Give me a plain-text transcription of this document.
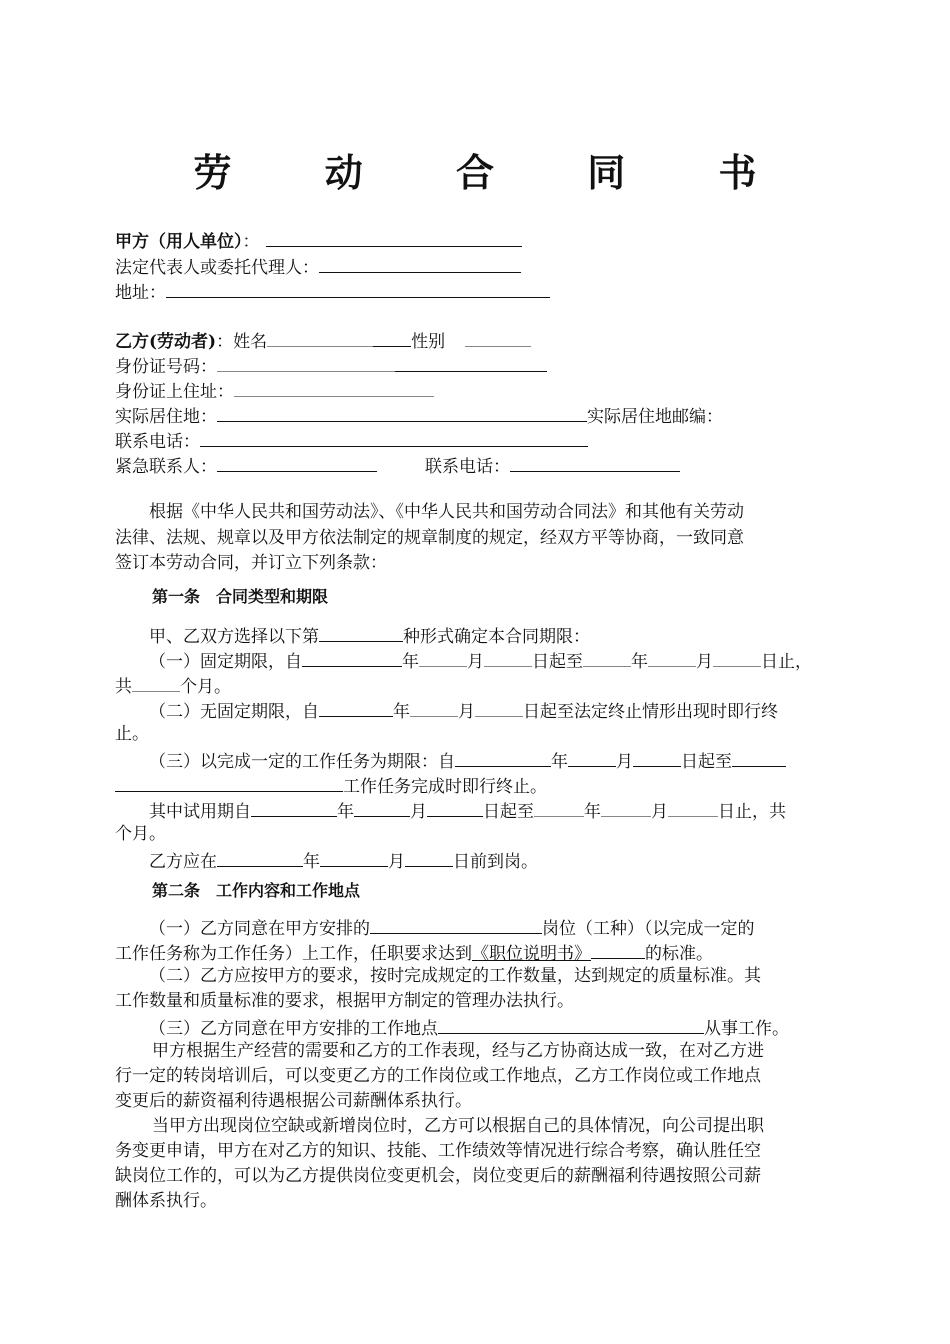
劳 动 合 同 书
甲方（用人单位）：
法定代表人或委托代理人：
地址：
乙方(劳动者)：姓名	性别
身份证号码：
身份证上住址：
实际居住地：	实际居住地邮编：
联系电话：
紧急联系人：	联系电话：
根据《中华人民共和国劳动法》、《中华人民共和国劳动合同法》和其他有关劳动
法律、法规、规章以及甲方依法制定的规章制度的规定，经双方平等协商，一致同意
签订本劳动合同，并订立下列条款：
第一条　合同类型和期限
甲、乙双方选择以下第	种形式确定本合同期限：
（一）固定期限，自	年	月	日起至	年	月	日止，
共	个月。
（二）无固定期限，自	年	月	日起至法定终止情形出现时即行终
止。
（三）以完成一定的工作任务为期限：自	年	月	日起至
工作任务完成时即行终止。
其中试用期自	年	月	日起至	年	月	日止，共
个月。
乙方应在	年	月	日前到岗。
第二条　工作内容和工作地点
（一）乙方同意在甲方安排的	岗位（工种）（以完成一定的
工作任务称为工作任务）上工作，任职要求达到《职位说明书》	的标准。
（二）乙方应按甲方的要求，按时完成规定的工作数量，达到规定的质量标准。其
工作数量和质量标准的要求，根据甲方制定的管理办法执行。
（三）乙方同意在甲方安排的工作地点	从事工作。
甲方根据生产经营的需要和乙方的工作表现，经与乙方协商达成一致，在对乙方进
行一定的转岗培训后，可以变更乙方的工作岗位或工作地点，乙方工作岗位或工作地点
变更后的薪资福利待遇根据公司薪酬体系执行。
当甲方出现岗位空缺或新增岗位时，乙方可以根据自己的具体情况，向公司提出职
务变更申请，甲方在对乙方的知识、技能、工作绩效等情况进行综合考察，确认胜任空
缺岗位工作的，可以为乙方提供岗位变更机会，岗位变更后的薪酬福利待遇按照公司薪
酬体系执行。
